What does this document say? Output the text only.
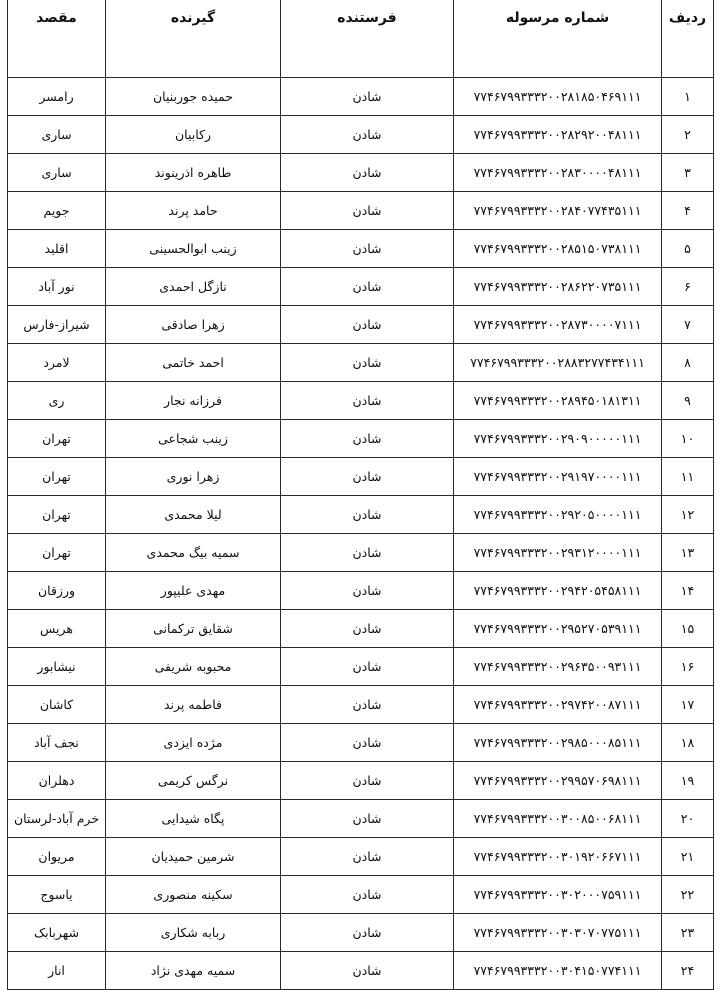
ردیف	شماره مرسوله	فرستنده	گیرنده	مقصد
۱	۷۷۴۶۷۹۹۳۳۳۲۰۰۲۸۱۸۵۰۴۶۹۱۱۱	شادن	حمیده جوربنیان	رامسر
۲	۷۷۴۶۷۹۹۳۳۳۲۰۰۲۸۲۹۲۰۰۴۸۱۱۱	شادن	رکابیان	ساری
۳	۷۷۴۶۷۹۹۳۳۳۲۰۰۲۸۳۰۰۰۰۴۸۱۱۱	شادن	طاهره اذرینوند	ساری
۴	۷۷۴۶۷۹۹۳۳۳۲۰۰۲۸۴۰۷۷۴۳۵۱۱۱	شادن	حامد پرند	جویم
۵	۷۷۴۶۷۹۹۳۳۳۲۰۰۲۸۵۱۵۰۷۳۸۱۱۱	شادن	زینب ابوالحسینی	اقلید
۶	۷۷۴۶۷۹۹۳۳۳۲۰۰۲۸۶۲۲۰۷۳۵۱۱۱	شادن	نازگل احمدی	نور آباد
۷	۷۷۴۶۷۹۹۳۳۳۲۰۰۲۸۷۳۰۰۰۰۷۱۱۱	شادن	زهرا صادقی	شیراز-فارس
۸	۷۷۴۶۷۹۹۳۳۳۲۰۰۲۸۸۳۲۷۷۴۳۴۱۱۱	شادن	احمد خاتمی	لامرد
۹	۷۷۴۶۷۹۹۳۳۳۲۰۰۲۸۹۴۵۰۱۸۱۳۱۱	شادن	فرزانه نجار	ری
۱۰	۷۷۴۶۷۹۹۳۳۳۲۰۰۲۹۰۹۰۰۰۰۰۱۱۱	شادن	زینب شجاعی	تهران
۱۱	۷۷۴۶۷۹۹۳۳۳۲۰۰۲۹۱۹۷۰۰۰۰۱۱۱	شادن	زهرا نوری	تهران
۱۲	۷۷۴۶۷۹۹۳۳۳۲۰۰۲۹۲۰۵۰۰۰۰۱۱۱	شادن	لیلا محمدی	تهران
۱۳	۷۷۴۶۷۹۹۳۳۳۲۰۰۲۹۳۱۲۰۰۰۰۱۱۱	شادن	سمیه بیگ محمدی	تهران
۱۴	۷۷۴۶۷۹۹۳۳۳۲۰۰۲۹۴۲۰۵۴۵۸۱۱۱	شادن	مهدی علیپور	ورزقان
۱۵	۷۷۴۶۷۹۹۳۳۳۲۰۰۲۹۵۲۷۰۵۳۹۱۱۱	شادن	شقایق ترکمانی	هریس
۱۶	۷۷۴۶۷۹۹۳۳۳۲۰۰۲۹۶۳۵۰۰۹۳۱۱۱	شادن	محبوبه شریفی	نیشابور
۱۷	۷۷۴۶۷۹۹۳۳۳۲۰۰۲۹۷۴۲۰۰۸۷۱۱۱	شادن	فاطمه پرند	کاشان
۱۸	۷۷۴۶۷۹۹۳۳۳۲۰۰۲۹۸۵۰۰۰۸۵۱۱۱	شادن	مژده ایزدی	نجف آباد
۱۹	۷۷۴۶۷۹۹۳۳۳۲۰۰۲۹۹۵۷۰۶۹۸۱۱۱	شادن	نرگس کریمی	دهلران
۲۰	۷۷۴۶۷۹۹۳۳۳۲۰۰۳۰۰۸۵۰۰۶۸۱۱۱	شادن	پگاه شیدایی	خرم آباد-لرستان
۲۱	۷۷۴۶۷۹۹۳۳۳۲۰۰۳۰۱۹۲۰۶۶۷۱۱۱	شادن	شرمین حمیدیان	مریوان
۲۲	۷۷۴۶۷۹۹۳۳۳۲۰۰۳۰۲۰۰۰۷۵۹۱۱۱	شادن	سکینه منصوری	یاسوج
۲۳	۷۷۴۶۷۹۹۳۳۳۲۰۰۳۰۳۰۷۰۷۷۵۱۱۱	شادن	ربابه شکاری	شهربابک
۲۴	۷۷۴۶۷۹۹۳۳۳۲۰۰۳۰۴۱۵۰۷۷۴۱۱۱	شادن	سمیه مهدی نژاد	انار
